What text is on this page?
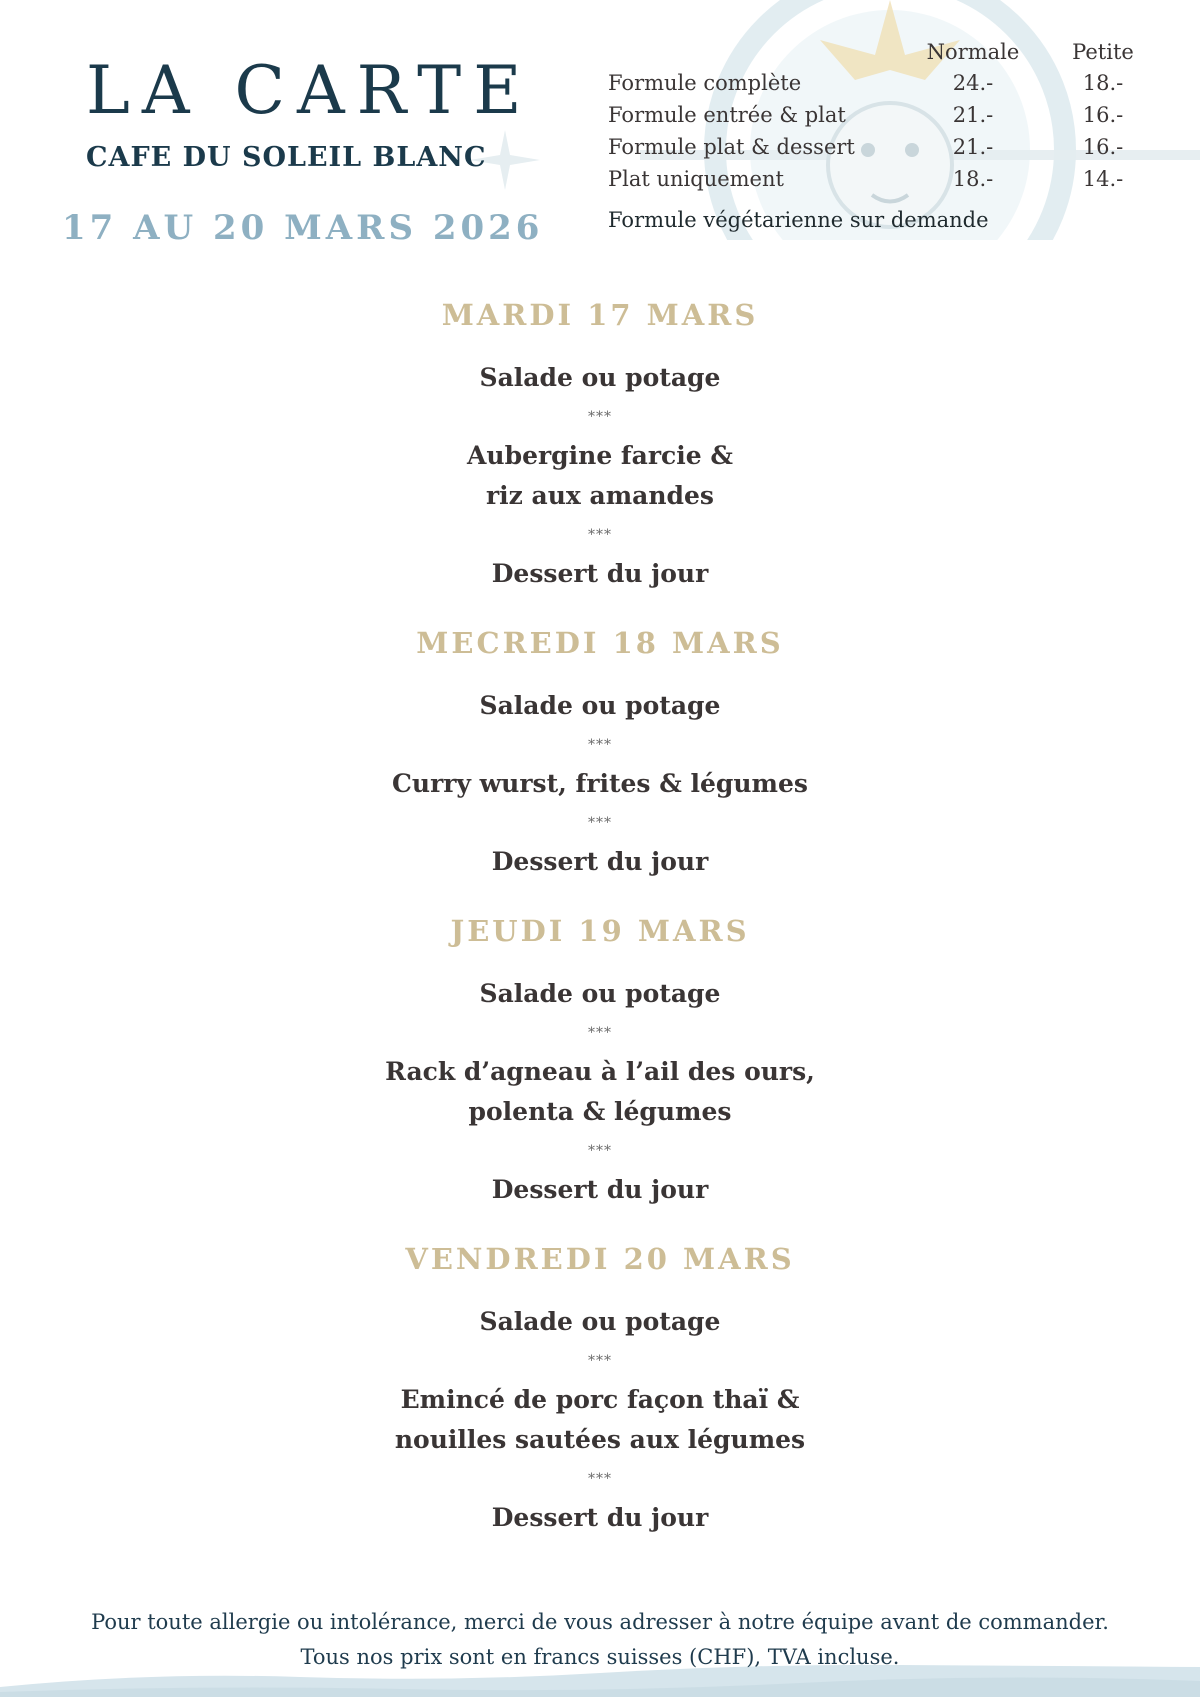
LA CARTE
CAFE DU SOLEIL BLANC
17 AU 20 MARS 2026
	Normale	Petite
Formule complète	24.-	18.-
Formule entrée & plat	21.-	16.-
Formule plat & dessert	21.-	16.-
Plat uniquement	18.-	14.-
Formule végétarienne sur demande
MARDI 17 MARS
Salade ou potage
***
Aubergine farcie &
riz aux amandes
***
Dessert du jour
MECREDI 18 MARS
Salade ou potage
***
Curry wurst, frites & légumes
***
Dessert du jour
JEUDI 19 MARS
Salade ou potage
***
Rack d’agneau à l’ail des ours,
polenta & légumes
***
Dessert du jour
VENDREDI 20 MARS
Salade ou potage
***
Emincé de porc façon thaï &
nouilles sautées aux légumes
***
Dessert du jour
Pour toute allergie ou intolérance, merci de vous adresser à notre équipe avant de commander.
Tous nos prix sont en francs suisses (CHF), TVA incluse.
